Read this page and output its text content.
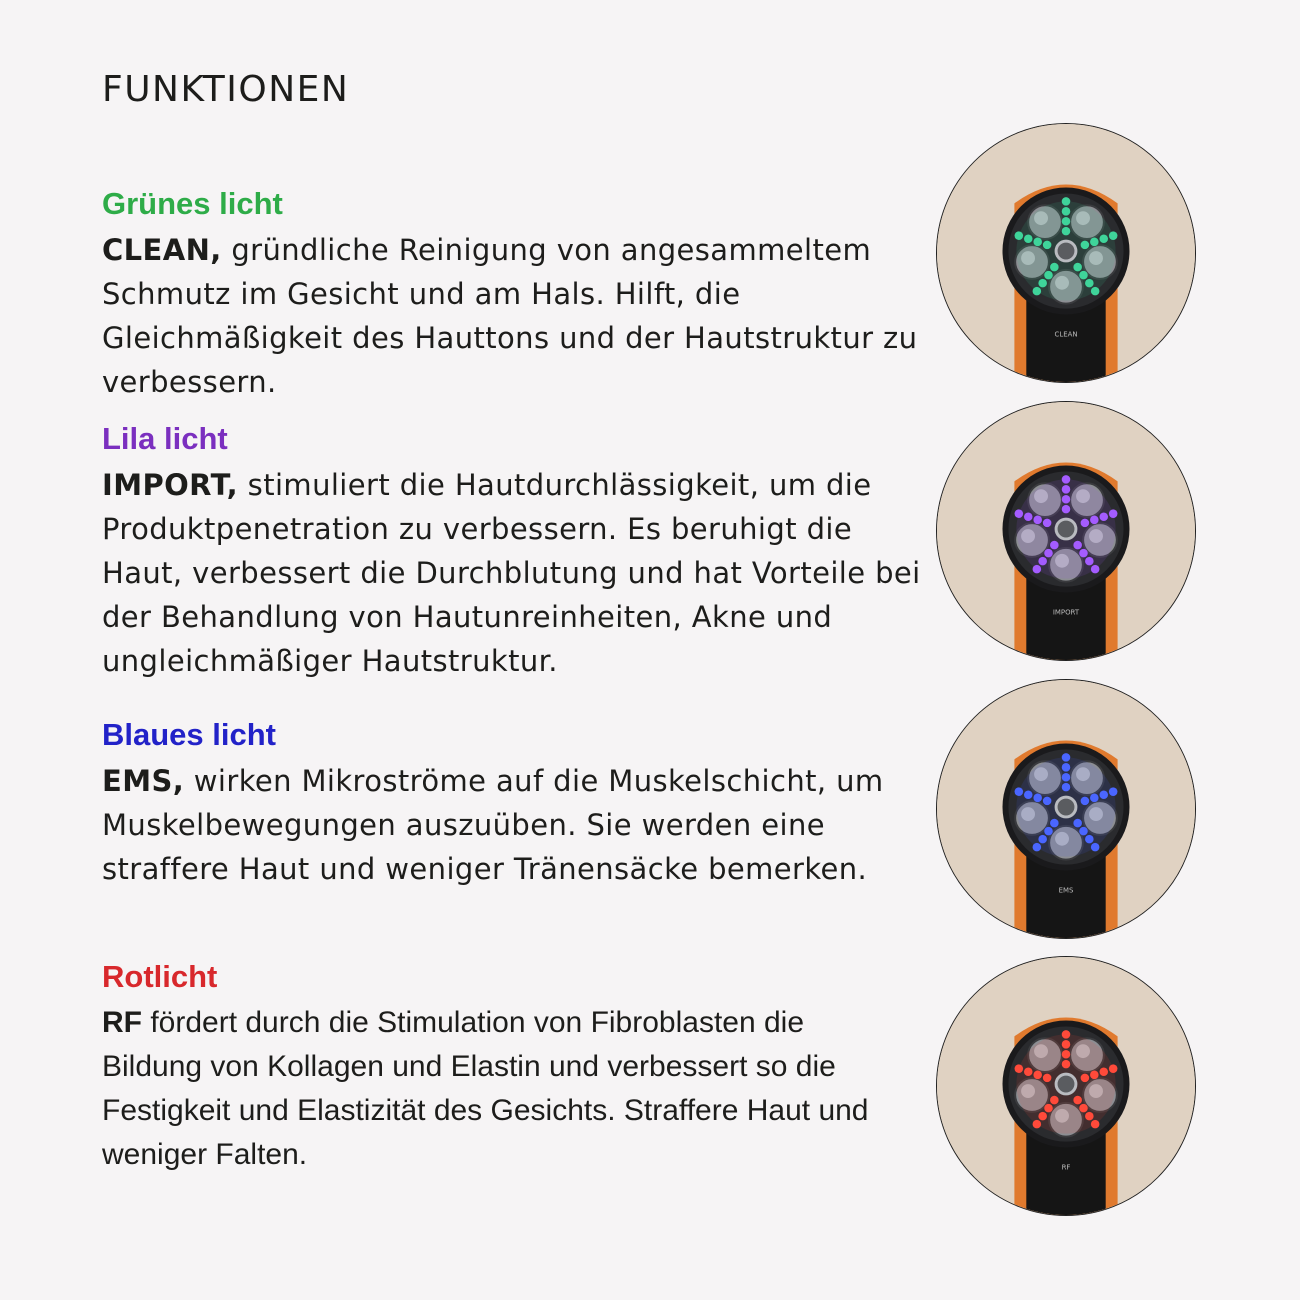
FUNKTIONEN
Grünes licht

CLEAN, gründliche Reinigung von angesammeltem Schmutz im Gesicht und am Hals. Hilft, die Gleichmäßigkeit des Hauttons und der Hautstruktur zu verbessern.

Lila licht

IMPORT, stimuliert die Hautdurchlässigkeit, um die Produktpenetration zu verbessern. Es beruhigt die Haut, verbessert die Durchblutung und hat Vorteile bei der Behandlung von Hautunreinheiten, Akne und ungleichmäßiger Hautstruktur.

Blaues licht

EMS, wirken Mikroströme auf die Muskelschicht, um Muskelbewegungen auszuüben. Sie werden eine straffere Haut und weniger Tränensäcke bemerken.

Rotlicht

RF fördert durch die Stimulation von Fibroblasten die Bildung von Kollagen und Elastin und verbessert so die Festigkeit und Elastizität des Gesichts. Straffere Haut und weniger Falten.

CLEAN
IMPORT
EMS
RF
